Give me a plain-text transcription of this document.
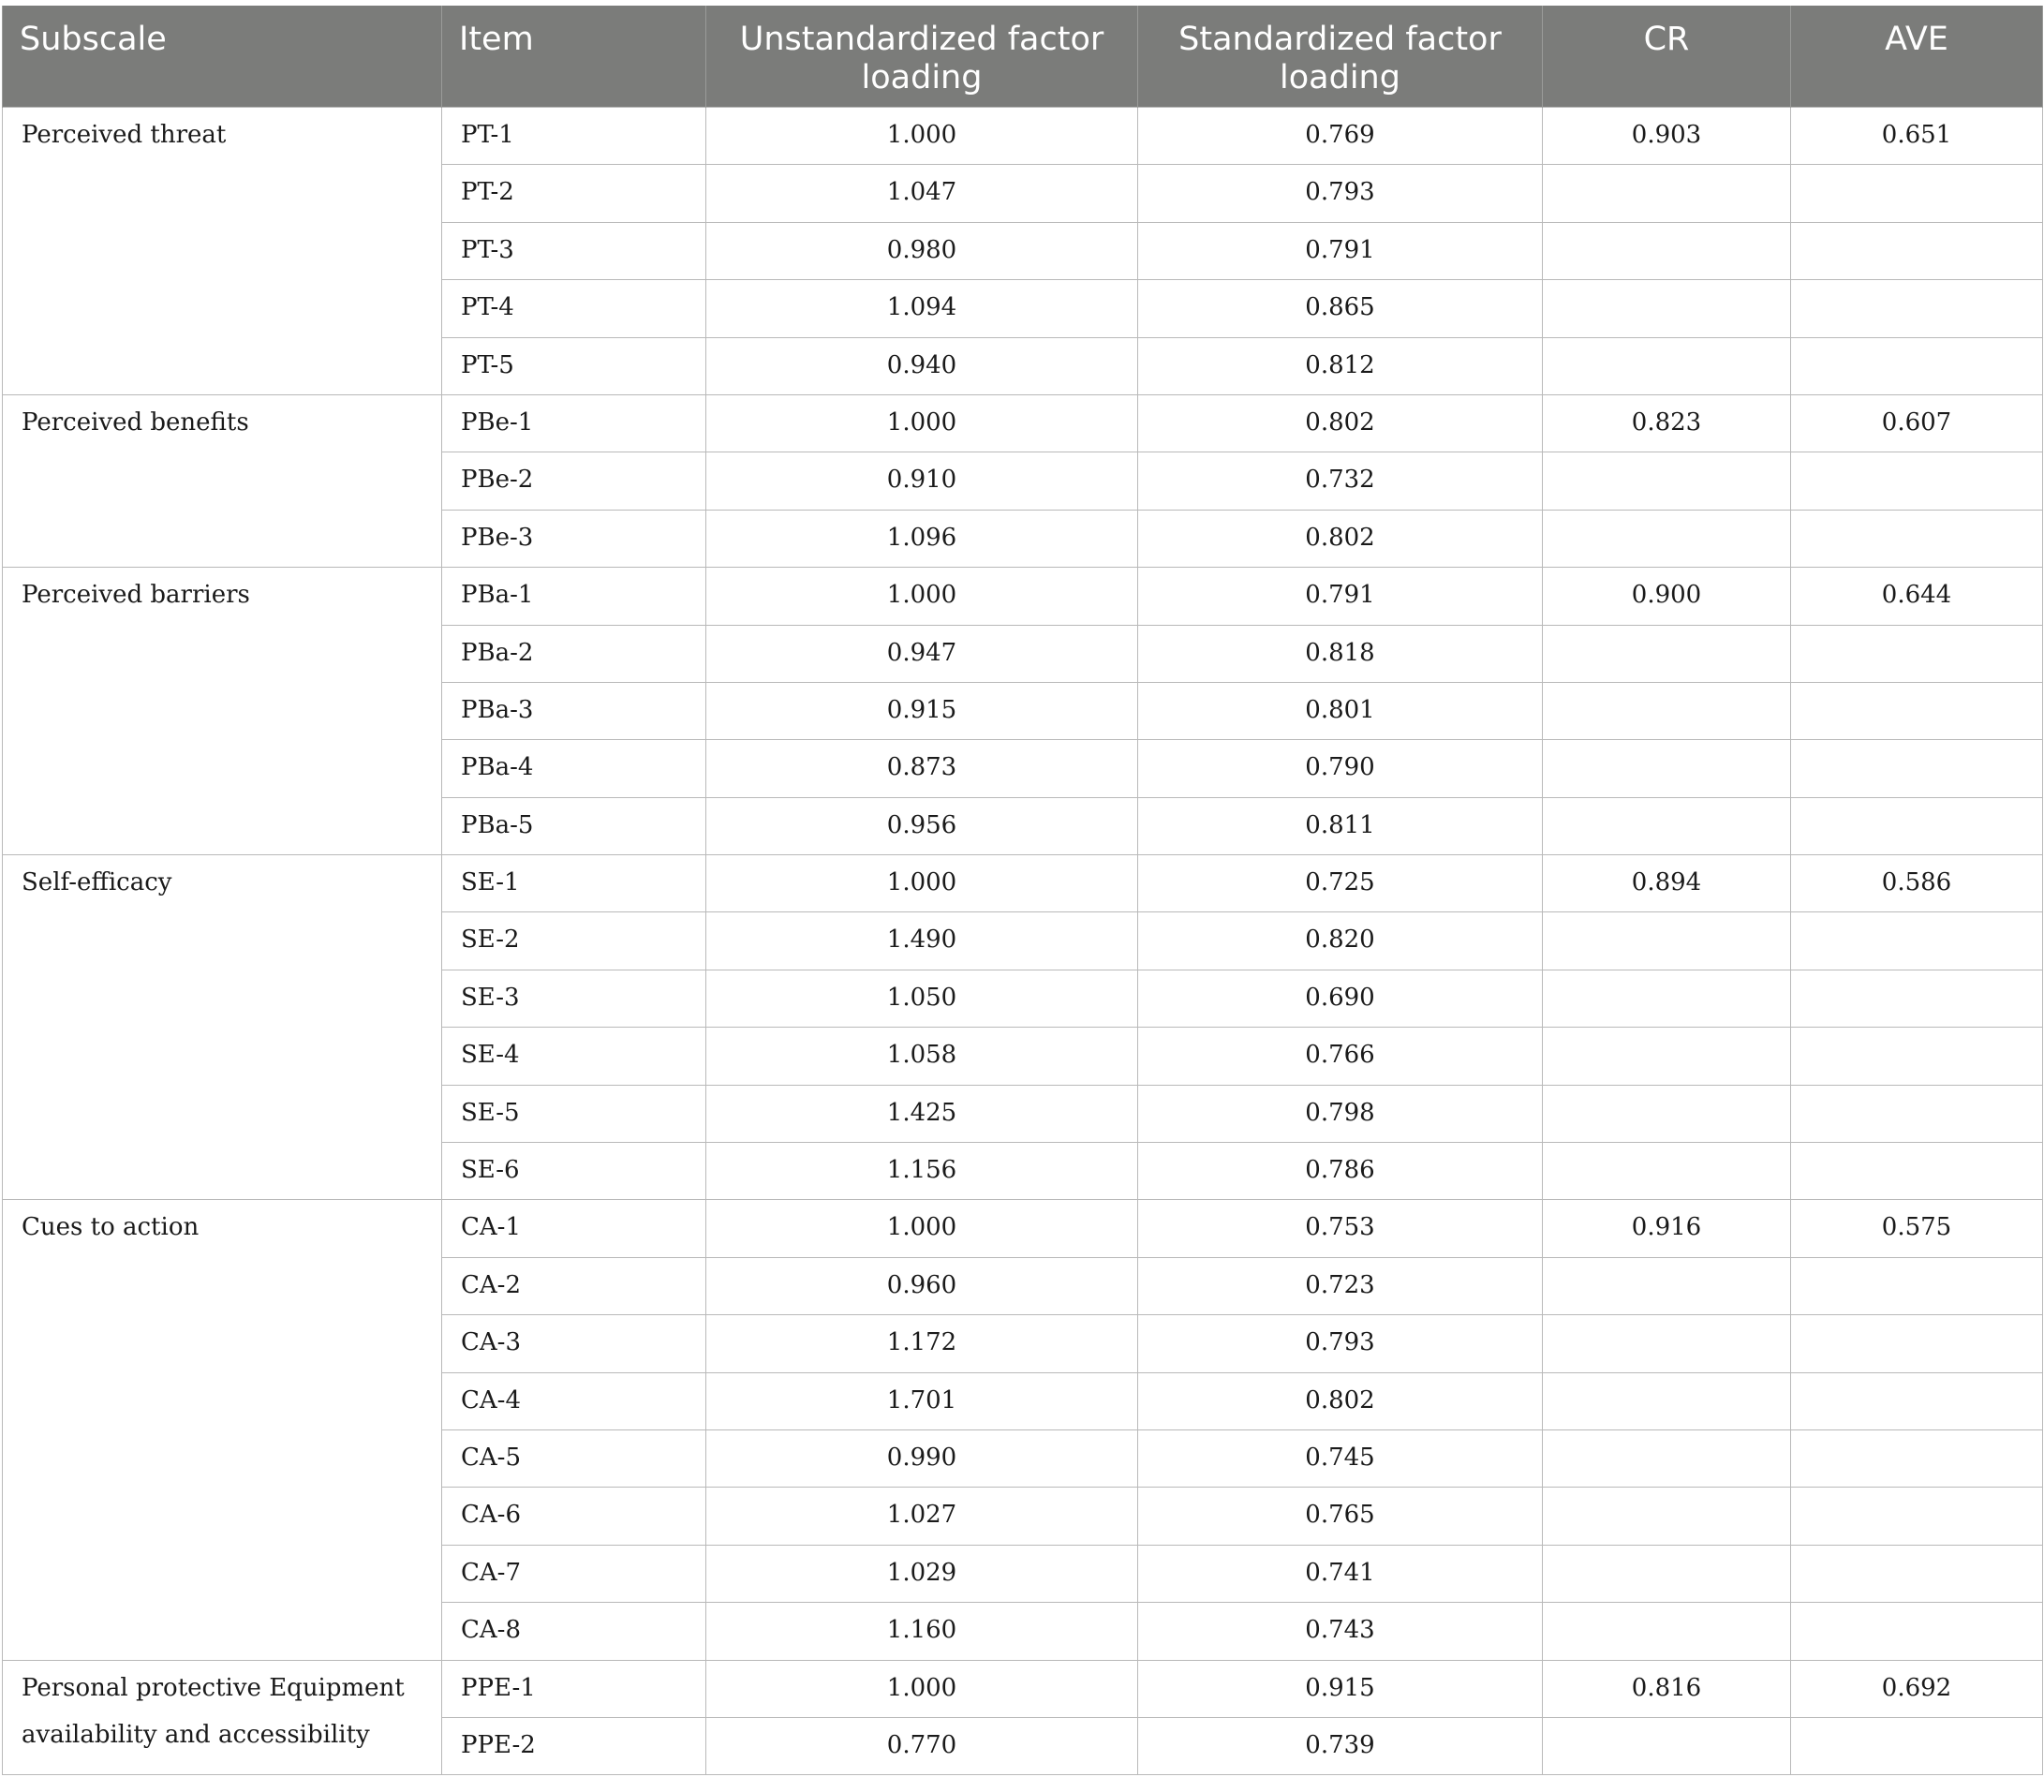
Subscale	Item	Unstandardized factor loading	Standardized factor loading	CR	AVE
Perceived threat	PT-1	1.000	0.769	0.903	0.651
	PT-2	1.047	0.793		
	PT-3	0.980	0.791		
	PT-4	1.094	0.865		
	PT-5	0.940	0.812		
Perceived benefits	PBe-1	1.000	0.802	0.823	0.607
	PBe-2	0.910	0.732		
	PBe-3	1.096	0.802		
Perceived barriers	PBa-1	1.000	0.791	0.900	0.644
	PBa-2	0.947	0.818		
	PBa-3	0.915	0.801		
	PBa-4	0.873	0.790		
	PBa-5	0.956	0.811		
Self-efficacy	SE-1	1.000	0.725	0.894	0.586
	SE-2	1.490	0.820		
	SE-3	1.050	0.690		
	SE-4	1.058	0.766		
	SE-5	1.425	0.798		
	SE-6	1.156	0.786		
Cues to action	CA-1	1.000	0.753	0.916	0.575
	CA-2	0.960	0.723		
	CA-3	1.172	0.793		
	CA-4	1.701	0.802		
	CA-5	0.990	0.745		
	CA-6	1.027	0.765		
	CA-7	1.029	0.741		
	CA-8	1.160	0.743		
Personal protective Equipment availability and accessibility	PPE-1	1.000	0.915	0.816	0.692
	PPE-2	0.770	0.739		
